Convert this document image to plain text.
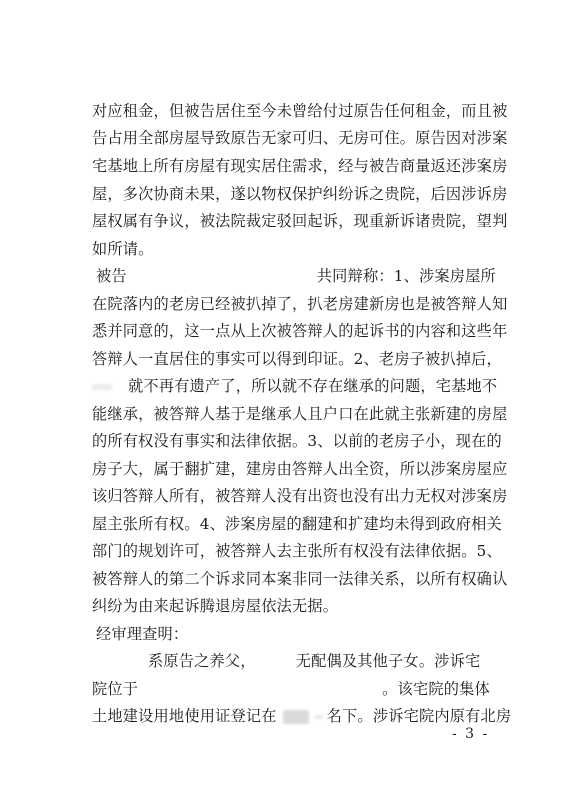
对应租金，但被告居住至今未曾给付过原告任何租金，而且被
告占用全部房屋导致原告无家可归、无房可住。原告因对涉案
宅基地上所有房屋有现实居住需求，经与被告商量返还涉案房
屋，多次协商未果，遂以物权保护纠纷诉之贵院，后因涉诉房
屋权属有争议，被法院裁定驳回起诉，现重新诉诸贵院，望判
如所请。
被告	共同辩称：1、涉案房屋所
在院落内的老房已经被扒掉了，扒老房建新房也是被答辩人知
悉并同意的，这一点从上次被答辩人的起诉书的内容和这些年
答辩人一直居住的事实可以得到印证。2、老房子被扒掉后，
就不再有遗产了，所以就不存在继承的问题，宅基地不
能继承，被答辩人基于是继承人且户口在此就主张新建的房屋
的所有权没有事实和法律依据。3、以前的老房子小，现在的
房子大，属于翻扩建，建房由答辩人出全资，所以涉案房屋应
该归答辩人所有，被答辩人没有出资也没有出力无权对涉案房
屋主张所有权。4、涉案房屋的翻建和扩建均未得到政府相关
部门的规划许可，被答辩人去主张所有权没有法律依据。5、
被答辩人的第二个诉求同本案非同一法律关系，以所有权确认
纠纷为由来起诉腾退房屋依法无据。
经审理查明：
系原告之养父，	无配偶及其他子女。涉诉宅
院位于	。该宅院的集体
土地建设用地使用证登记在	名下。涉诉宅院内原有北房
- 3 -
